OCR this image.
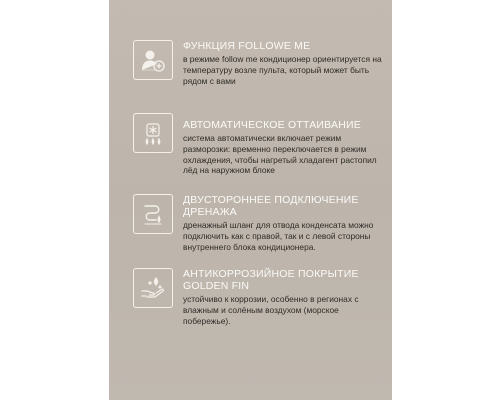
ФУНКЦИЯ FOLLOWE ME

в режиме follow me кондиционер ориентируется на температуру возле пульта, который может быть рядом с вами

АВТОМАТИЧЕСКОЕ ОТТАИВАНИЕ

система автоматически включает режим разморозки: временно переключается в режим охлаждения, чтобы нагретый хладагент растопил лёд на наружном блоке

ДВУСТОРОННЕЕ ПОДКЛЮЧЕНИЕ ДРЕНАЖА

дренажный шланг для отвода конденсата можно подключить как с правой, так и с левой стороны внутреннего блока кондиционера.

АНТИКОРРОЗИЙНОЕ ПОКРЫТИЕ GOLDEN FIN

устойчиво к коррозии, особенно в регионах с влажным и солёным воздухом (морское побережье).
